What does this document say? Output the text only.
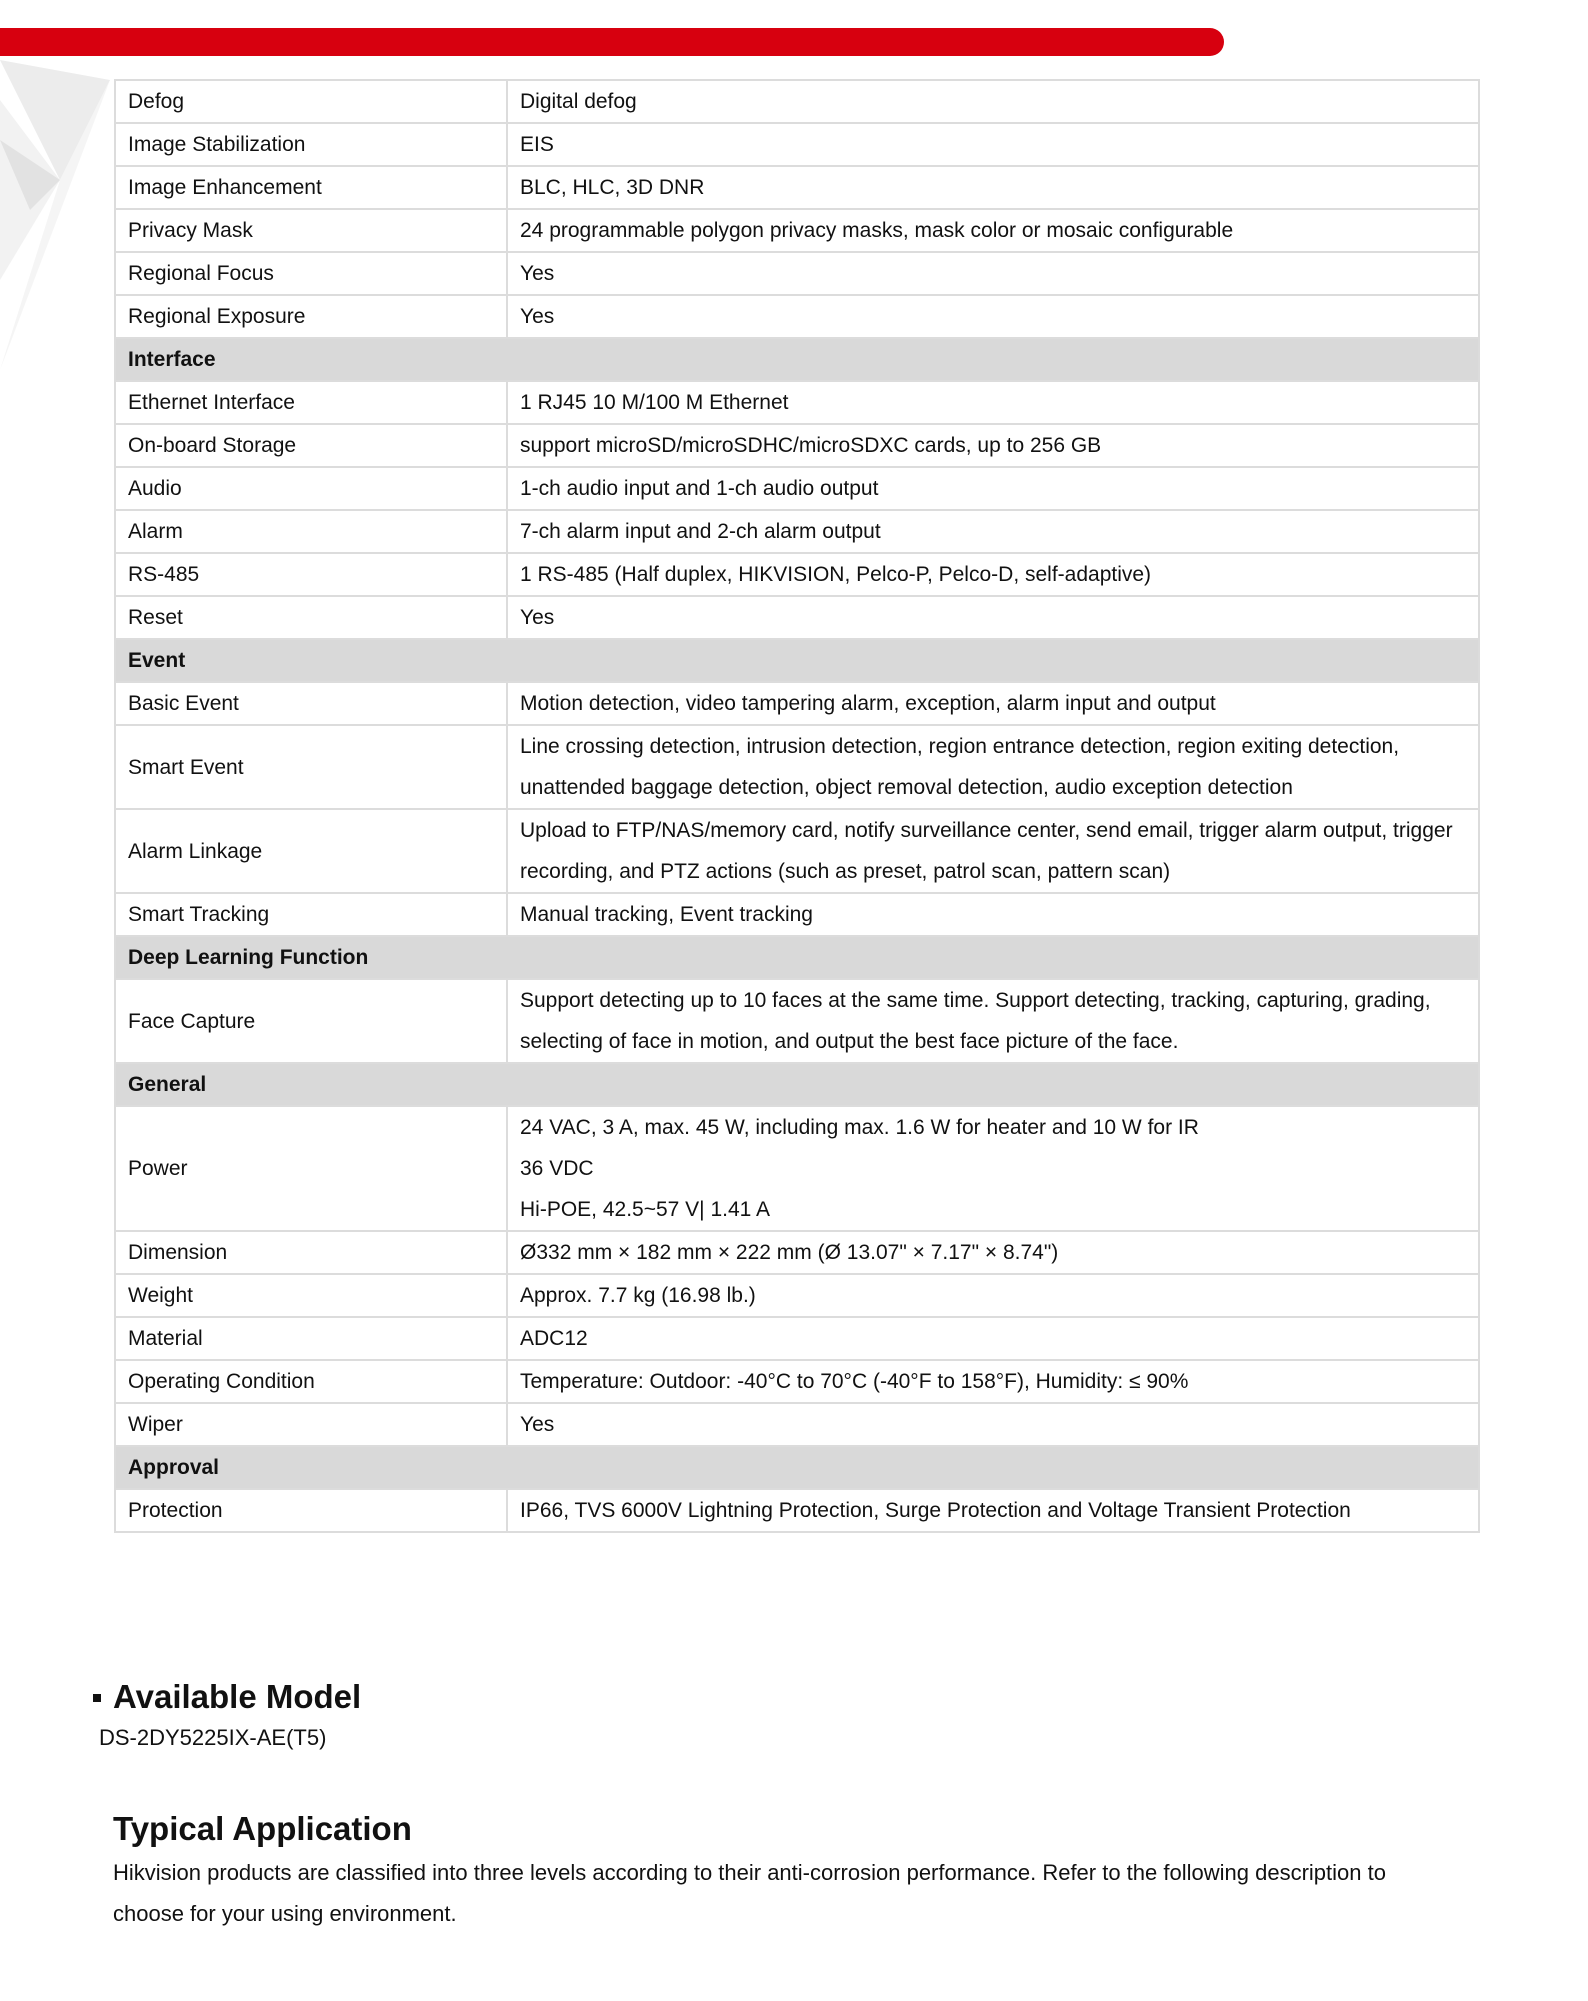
Defog	Digital defog
Image Stabilization	EIS
Image Enhancement	BLC, HLC, 3D DNR
Privacy Mask	24 programmable polygon privacy masks, mask color or mosaic configurable
Regional Focus	Yes
Regional Exposure	Yes
Interface	
Ethernet Interface	1 RJ45 10 M/100 M Ethernet
On-board Storage	support microSD/microSDHC/microSDXC cards, up to 256 GB
Audio	1-ch audio input and 1-ch audio output
Alarm	7-ch alarm input and 2-ch alarm output
RS-485	1 RS-485 (Half duplex, HIKVISION, Pelco-P, Pelco-D, self-adaptive)
Reset	Yes
Event	
Basic Event	Motion detection, video tampering alarm, exception, alarm input and output
Smart Event	Line crossing detection, intrusion detection, region entrance detection, region exiting detection, unattended baggage detection, object removal detection, audio exception detection
Alarm Linkage	Upload to FTP/NAS/memory card, notify surveillance center, send email, trigger alarm output, trigger recording, and PTZ actions (such as preset, patrol scan, pattern scan)
Smart Tracking	Manual tracking, Event tracking
Deep Learning Function	
Face Capture	Support detecting up to 10 faces at the same time. Support detecting, tracking, capturing, grading, selecting of face in motion, and output the best face picture of the face.
General	
Power	24 VAC, 3 A, max. 45 W, including max. 1.6 W for heater and 10 W for IR
36 VDC
Hi-POE, 42.5~57 V| 1.41 A

Dimension	Ø332 mm × 182 mm × 222 mm (Ø 13.07" × 7.17" × 8.74")
Weight	Approx. 7.7 kg (16.98 lb.)
Material	ADC12
Operating Condition	Temperature: Outdoor: -40°C to 70°C (-40°F to 158°F), Humidity: ≤ 90%
Wiper	Yes
Approval	
Protection	IP66, TVS 6000V Lightning Protection, Surge Protection and Voltage Transient Protection
Available Model
DS-2DY5225IX-AE(T5)
Typical Application
Hikvision products are classified into three levels according to their anti-corrosion performance. Refer to the following description to choose for your using environment.
